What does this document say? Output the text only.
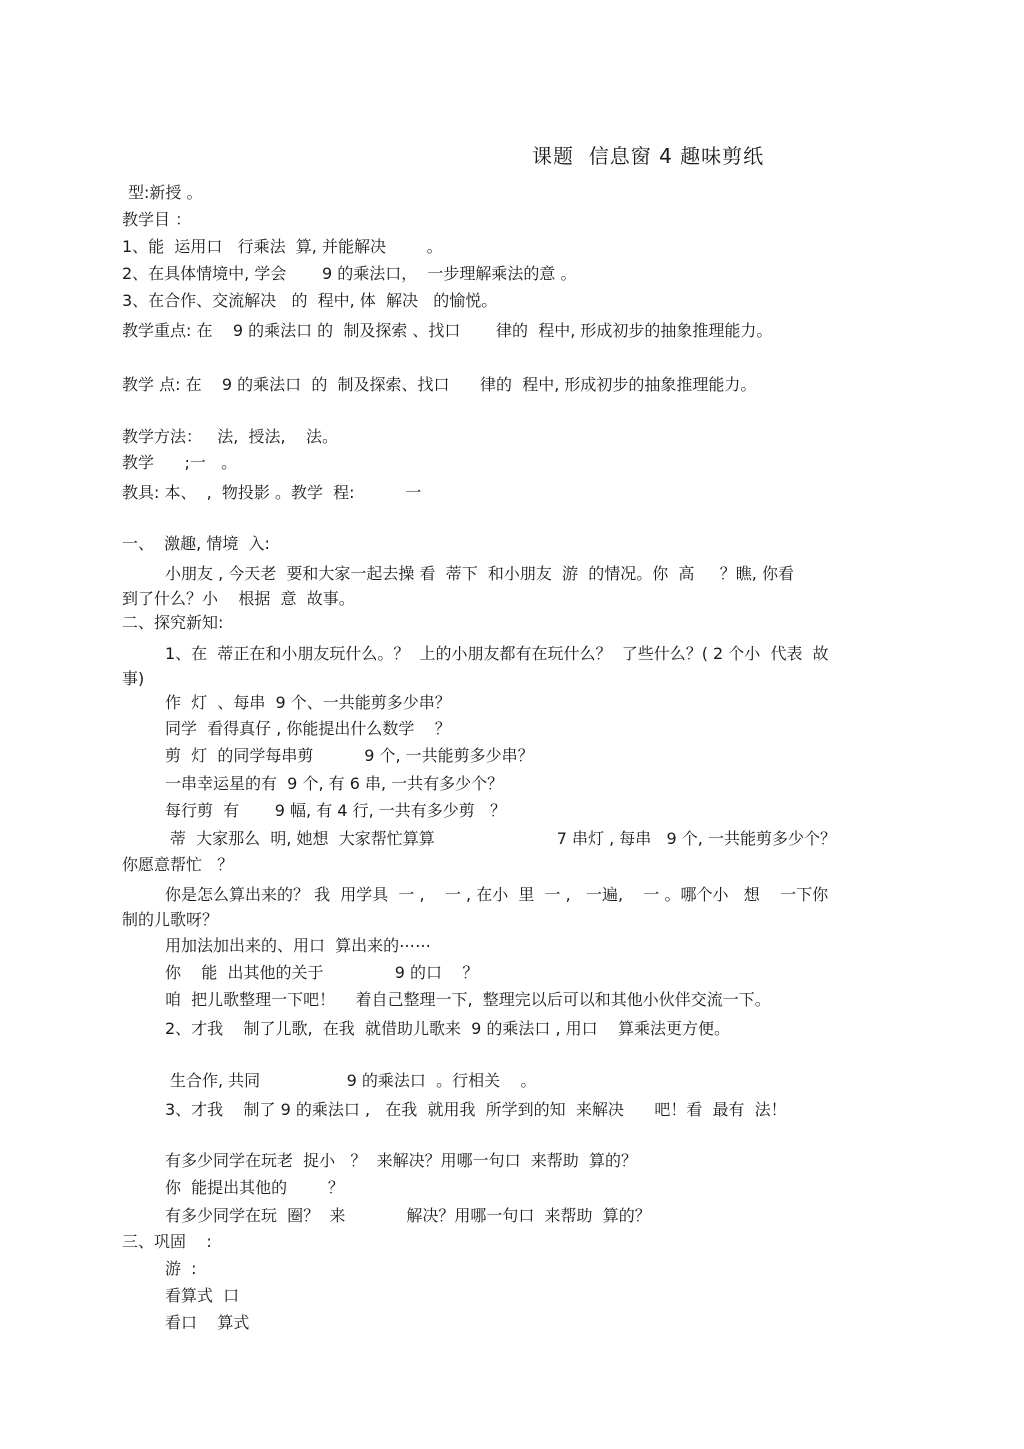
课题  信息窗 4 趣味剪纸
型:新授 。
教学目 ：
1、能  运用口   行乘法  算, 并能解决        。
2、在具体情境中, 学会       9 的乘法口，  一步理解乘法的意 。
3、在合作、交流解决   的  程中, 体  解决   的愉悦。
教学重点: 在    9 的乘法口 的  制及探索 、找口       律的  程中, 形成初步的抽象推理能力。
教学 点: 在    9 的乘法口  的  制及探索、找口      律的  程中, 形成初步的抽象推理能力。
教学方法：   法,  授法,    法。
教学      ;一   。
教具: 本、  ,  物投影 。教学  程:          一
一、  激趣, 情境  入:
小朋友 , 今天老  要和大家一起去操 看  蒂下  和小朋友  游  的情况。你  高     ？瞧, 你看
到了什么？小    根据  意  故事。
二、探究新知:
1、在  蒂正在和小朋友玩什么。？  上的小朋友都有在玩什么？  了些什么？( 2 个小  代表  故
事)
作  灯  、每串  9 个、一共能剪多少串？
同学  看得真仔 , 你能提出什么数学    ？
剪  灯  的同学每串剪          9 个, 一共能剪多少串？
一串幸运星的有  9 个, 有 6 串, 一共有多少个？
每行剪  有       9 幅, 有 4 行, 一共有多少剪   ？
蒂  大家那么  明, 她想  大家帮忙算算                        7 串灯 , 每串   9 个, 一共能剪多少个？
你愿意帮忙   ？
你是怎么算出来的？ 我  用学具  一 ,    一 , 在小  里  一 ,   一遍,    一 。哪个小   想    一下你
制的儿歌呀？
用加法加出来的、用口  算出来的⋯⋯
你    能  出其他的关于              9 的口    ？
咱  把儿歌整理一下吧！    着自己整理一下,  整理完以后可以和其他小伙伴交流一下。
2、才我    制了儿歌,  在我  就借助儿歌来  9 的乘法口 , 用口    算乘法更方便。
生合作, 共同                 9 的乘法口  。行相关    。
3、才我    制了 9 的乘法口 ,   在我  就用我  所学到的知  来解决      吧！看  最有  法！
有多少同学在玩老  捉小   ？  来解决？用哪一句口  来帮助  算的？
你  能提出其他的        ？
有多少同学在玩  圈？  来            解决？用哪一句口  来帮助  算的？
三、巩固    :
游  :
看算式  口
看口    算式
